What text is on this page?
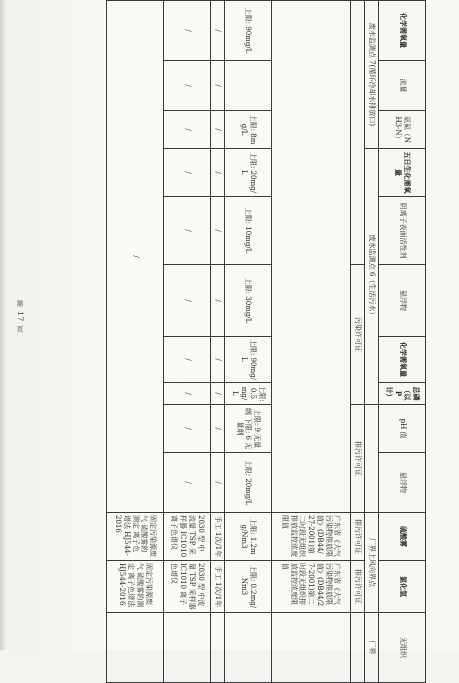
第 17 页
化学需氧量	流量	氨氮（NH3-N）	五日生化需氧量	阴离子表面活性剂	悬浮物	化学需氧量	总磷（以 P 计）	pH 值	悬浮物	硫酸雾	氯化氢	无组织
废水监测点 7(循环冷却水排放口)			废水监测点 6（生活污水）							厂界上风向界点		厂界
					污染许可证			排污许可证		排污许可证	排污许可证	
										广东省《大气污染物排放限值》(DB44/27-2001)第二时段无组织排放监控浓度限值	广东省《大气污染物排放限值》(DB44/27-2001)第二时段无组织排放监控浓度限值	
上限: 90mg/L		上限: 8mg/L	上限: 20mg/L	上限: 10mg/L	上限: 30mg/L	上限: 90mg/L	上限: 0.5mg/L	上限: 9 无量纲 下限: 6 无量纲	上限: 20mg/L	上限: 1.2mg/Nm3	上限: 0.2mg/Nm3	
/	/	/	/	/	/	/	/	/	/	手工 1次/1年	手工 1次/1年	
/	/	/	/	/	/	/	/	/	/	2030 型 中流量 TSP 采样器 IC1010 离子色谱仪	2030 型 中流量 TSP 采样器 IC1010 离子色谱仪	
/										固定污染源废气 硫酸雾的测定 离子色谱法 HJ544-2016	固定污染源废气 硫酸雾的测定 离子色谱法 HJ544-2016	
